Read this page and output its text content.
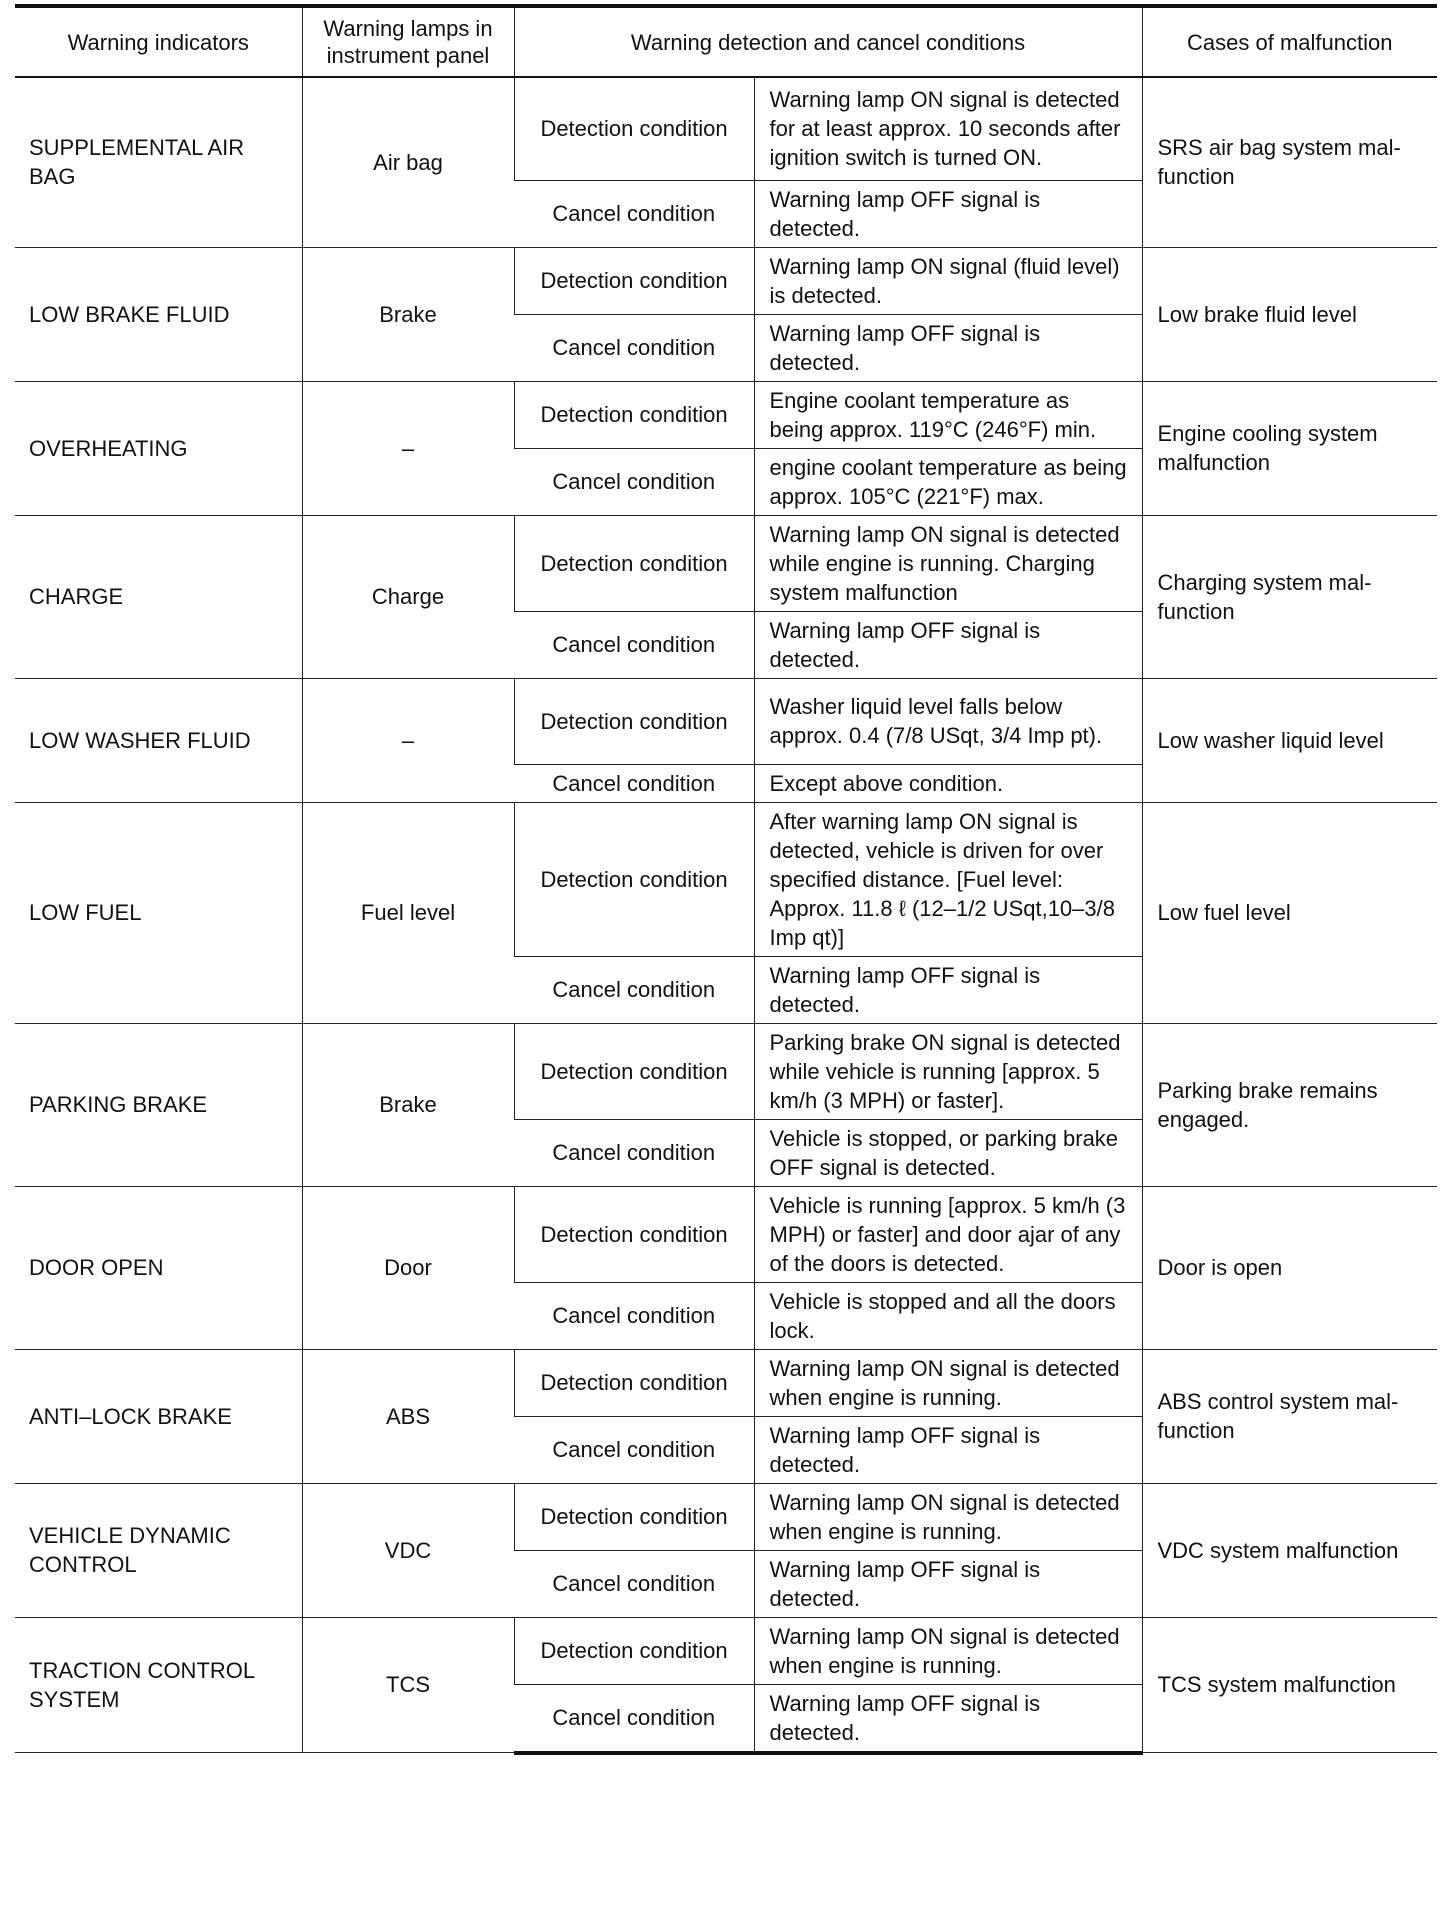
Warning indicators	Warning lamps in instrument panel	Warning detection and cancel conditions		Cases of malfunction
SUPPLEMENTAL AIR BAG	Air bag	Detection condition	Warning lamp ON signal is detected for at least approx. 10 seconds after ignition switch is turned ON.	SRS air bag system mal-function
		Cancel condition	Warning lamp OFF signal is detected.	
LOW BRAKE FLUID	Brake	Detection condition	Warning lamp ON signal (fluid level) is detected.	Low brake fluid level
		Cancel condition	Warning lamp OFF signal is detected.	
OVERHEATING	–	Detection condition	Engine coolant temperature as being approx. 119°C (246°F) min.	Engine cooling system malfunction
		Cancel condition	engine coolant temperature as being approx. 105°C (221°F) max.	
CHARGE	Charge	Detection condition	Warning lamp ON signal is detected while engine is running. Charging system malfunction	Charging system mal-function
		Cancel condition	Warning lamp OFF signal is detected.	
LOW WASHER FLUID	–	Detection condition	Washer liquid level falls below approx. 0.4 (7/8 USqt, 3/4 Imp pt).	Low washer liquid level
		Cancel condition	Except above condition.	
LOW FUEL	Fuel level	Detection condition	After warning lamp ON signal is detected, vehicle is driven for over specified distance. [Fuel level: Approx. 11.8 ℓ (12–1/2 USqt,10–3/8 Imp qt)]	Low fuel level
		Cancel condition	Warning lamp OFF signal is detected.	
PARKING BRAKE	Brake	Detection condition	Parking brake ON signal is detected while vehicle is running [approx. 5 km/h (3 MPH) or faster].	Parking brake remains engaged.
		Cancel condition	Vehicle is stopped, or parking brake OFF signal is detected.	
DOOR OPEN	Door	Detection condition	Vehicle is running [approx. 5 km/h (3 MPH) or faster] and door ajar of any of the doors is detected.	Door is open
		Cancel condition	Vehicle is stopped and all the doors lock.	
ANTI–LOCK BRAKE	ABS	Detection condition	Warning lamp ON signal is detected when engine is running.	ABS control system mal-function
		Cancel condition	Warning lamp OFF signal is detected.	
VEHICLE DYNAMIC CONTROL	VDC	Detection condition	Warning lamp ON signal is detected when engine is running.	VDC system malfunction
		Cancel condition	Warning lamp OFF signal is detected.	
TRACTION CONTROL SYSTEM	TCS	Detection condition	Warning lamp ON signal is detected when engine is running.	TCS system malfunction
		Cancel condition	Warning lamp OFF signal is detected.	
